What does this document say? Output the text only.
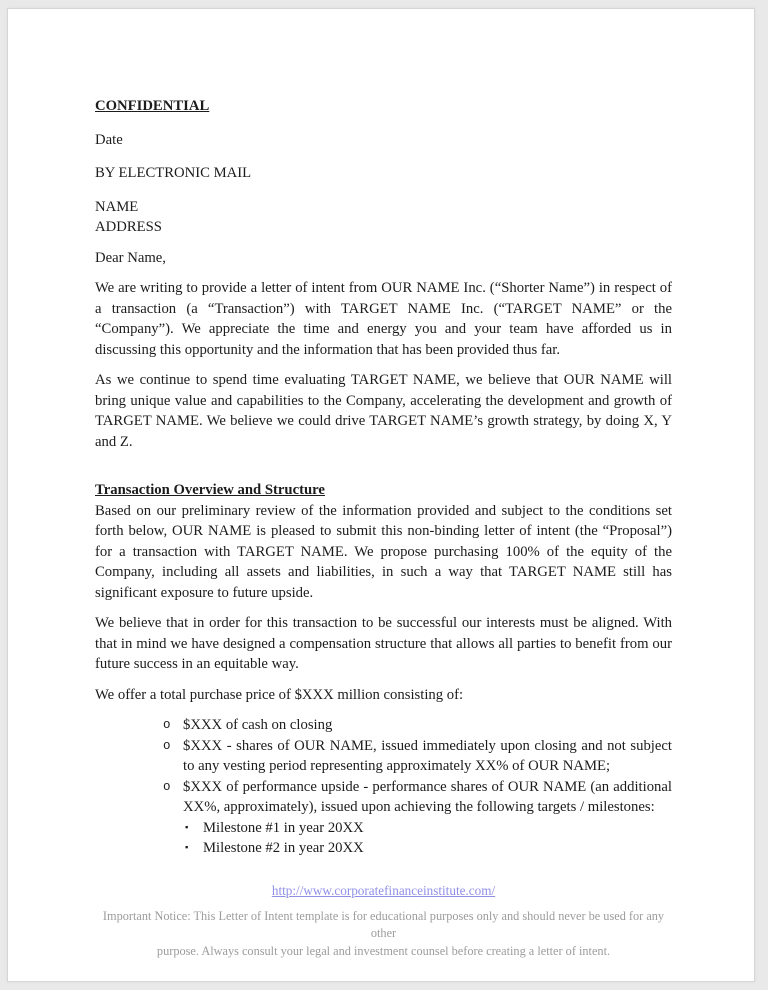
CONFIDENTIAL
Date
BY ELECTRONIC MAIL
NAME
ADDRESS
Dear Name,

We are writing to provide a letter of intent from OUR NAME Inc. (“Shorter Name”) in respect of a transaction (a “Transaction”) with TARGET NAME Inc. (“TARGET NAME” or the “Company”). We appreciate the time and energy you and your team have afforded us in discussing this opportunity and the information that has been provided thus far.

As we continue to spend time evaluating TARGET NAME, we believe that OUR NAME will bring unique value and capabilities to the Company, accelerating the development and growth of TARGET NAME. We believe we could drive TARGET NAME’s growth strategy, by doing X, Y and Z.

Transaction Overview and Structure

Based on our preliminary review of the information provided and subject to the conditions set forth below, OUR NAME is pleased to submit this non-binding letter of intent (the “Proposal”) for a transaction with TARGET NAME. We propose purchasing 100% of the equity of the Company, including all assets and liabilities, in such a way that TARGET NAME still has significant exposure to future upside.

We believe that in order for this transaction to be successful our interests must be aligned. With that in mind we have designed a compensation structure that allows all parties to benefit from our future success in an equitable way.

We offer a total purchase price of $XXX million consisting of:

o $XXX of cash on closing
o $XXX - shares of OUR NAME, issued immediately upon closing and not subject to any vesting period representing approximately XX% of OUR NAME;
o $XXX of performance upside - performance shares of OUR NAME (an additional XX%, approximately), issued upon achieving the following targets / milestones:
▪ Milestone #1 in year 20XX
▪ Milestone #2 in year 20XX
http://www.corporatefinanceinstitute.com/
Important Notice: This Letter of Intent template is for educational purposes only and should never be used for any other
purpose. Always consult your legal and investment counsel before creating a letter of intent.
